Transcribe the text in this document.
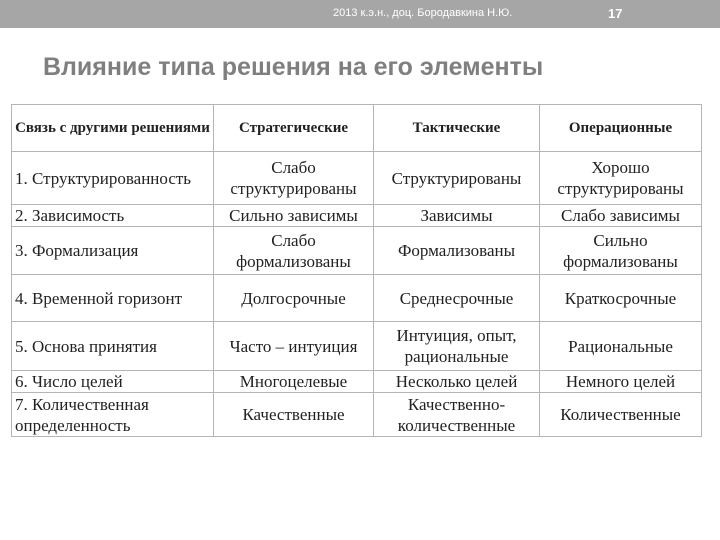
2013 к.э.н., доц. Бородавкина Н.Ю.	17
Влияние типа решения на его элементы
Связь с другими решениями	Стратегические	Тактические	Операционные
1. Структурированность	Слабо структурированы	Структурированы	Хорошо структурированы
2. Зависимость	Сильно зависимы	Зависимы	Слабо зависимы
3. Формализация	Слабо формализованы	Формализованы	Сильно формализованы
4. Временной горизонт	Долгосрочные	Среднесрочные	Краткосрочные
5. Основа принятия	Часто – интуиция	Интуиция, опыт, рациональные	Рациональные
6. Число целей	Многоцелевые	Несколько целей	Немного целей
7. Количественная определенность	Качественные	Качественно-количественные	Количественные
